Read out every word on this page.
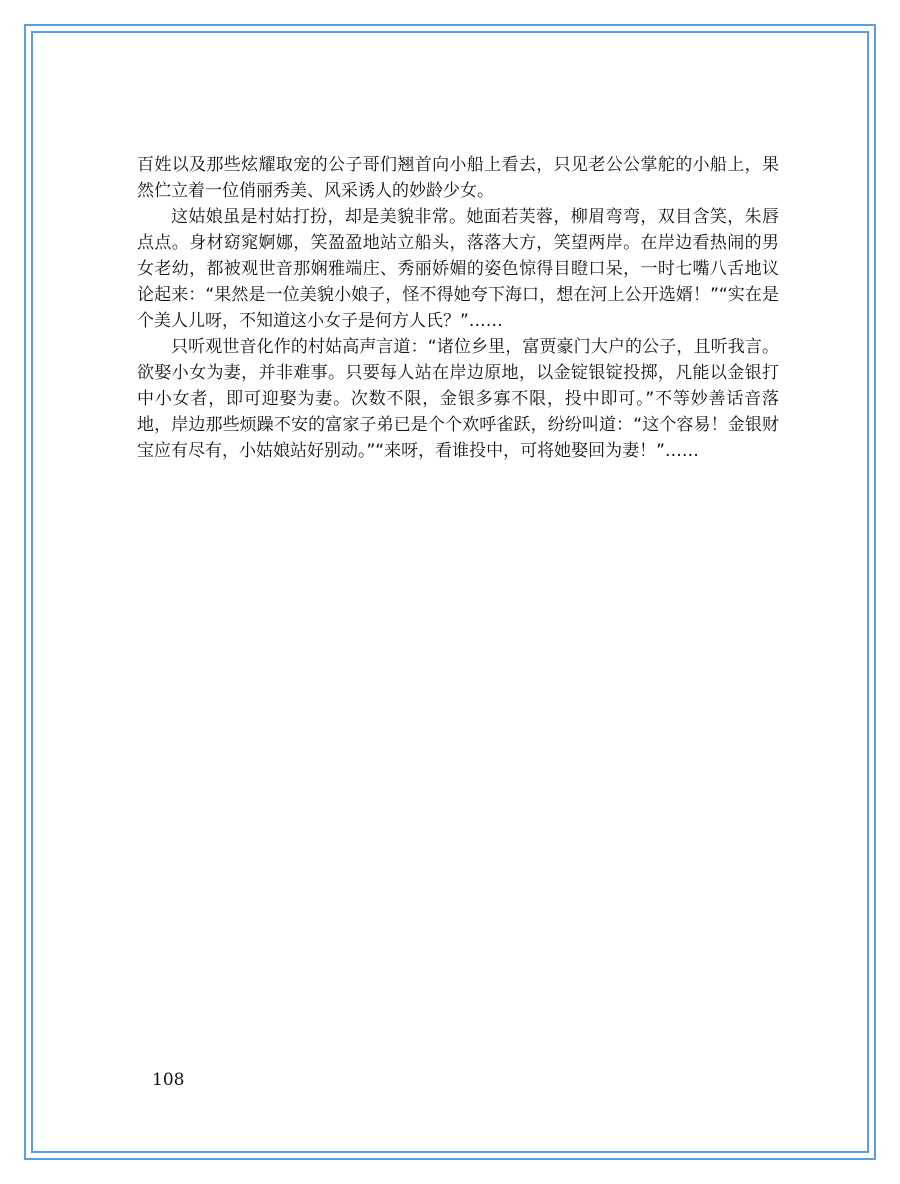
百姓以及那些炫耀取宠的公子哥们翘首向小船上看去，只见老公公掌舵的小船上，果然伫立着一位俏丽秀美、风采诱人的妙龄少女。

这姑娘虽是村姑打扮，却是美貌非常。她面若芙蓉，柳眉弯弯，双目含笑，朱唇点点。身材窈窕婀娜，笑盈盈地站立船头，落落大方，笑望两岸。在岸边看热闹的男女老幼，都被观世音那娴雅端庄、秀丽娇媚的姿色惊得目瞪口呆，一时七嘴八舌地议论起来：“果然是一位美貌小娘子，怪不得她夸下海口，想在河上公开选婿！”“实在是个美人儿呀，不知道这小女子是何方人氏？”……

只听观世音化作的村姑高声言道：“诸位乡里，富贾豪门大户的公子，且听我言。欲娶小女为妻，并非难事。只要每人站在岸边原地，以金锭银锭投掷，凡能以金银打中小女者，即可迎娶为妻。次数不限，金银多寡不限，投中即可。”不等妙善话音落地，岸边那些烦躁不安的富家子弟已是个个欢呼雀跃，纷纷叫道：“这个容易！金银财宝应有尽有，小姑娘站好别动。”“来呀，看谁投中，可将她娶回为妻！”……

108
